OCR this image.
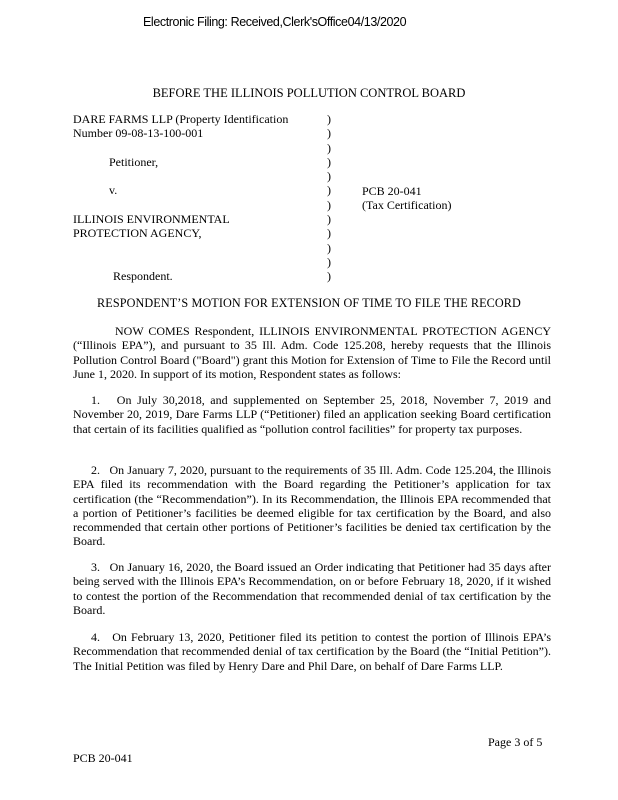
Electronic Filing: Received,Clerk'sOffice04/13/2020
BEFORE THE ILLINOIS POLLUTION CONTROL BOARD
DARE FARMS LLP (Property Identification
Number 09-08-13-100-001
Petitioner,
v.
ILLINOIS ENVIRONMENTAL
PROTECTION AGENCY,
Respondent.
)
)
)
)
)
)
)
)
)
)
)
)
PCB 20-041
(Tax Certification)
RESPONDENT’S MOTION FOR EXTENSION OF TIME TO FILE THE RECORD

NOW COMES Respondent, ILLINOIS ENVIRONMENTAL PROTECTION AGENCY (“Illinois EPA”), and pursuant to 35 Ill. Adm. Code 125.208, hereby requests that the Illinois Pollution Control Board ("Board") grant this Motion for Extension of Time to File the Record until June 1, 2020. In support of its motion, Respondent states as follows:

1.   On July 30,2018, and supplemented on September 25, 2018, November 7, 2019 and November 20, 2019, Dare Farms LLP (“Petitioner) filed an application seeking Board certification that certain of its facilities qualified as “pollution control facilities” for property tax purposes.

2.   On January 7, 2020, pursuant to the requirements of 35 Ill. Adm. Code 125.204, the Illinois EPA filed its recommendation with the Board regarding the Petitioner’s application for tax certification (the “Recommendation”). In its Recommendation, the Illinois EPA recommended that a portion of Petitioner’s facilities be deemed eligible for tax certification by the Board, and also recommended that certain other portions of Petitioner’s facilities be denied tax certification by the Board.

3.   On January 16, 2020, the Board issued an Order indicating that Petitioner had 35 days after being served with the Illinois EPA’s Recommendation, on or before February 18, 2020, if it wished to contest the portion of the Recommendation that recommended denial of tax certification by the Board.

4.   On February 13, 2020, Petitioner filed its petition to contest the portion of Illinois EPA’s Recommendation that recommended denial of tax certification by the Board (the “Initial Petition”). The Initial Petition was filed by Henry Dare and Phil Dare, on behalf of Dare Farms LLP.

Page 3 of 5
PCB 20-041
